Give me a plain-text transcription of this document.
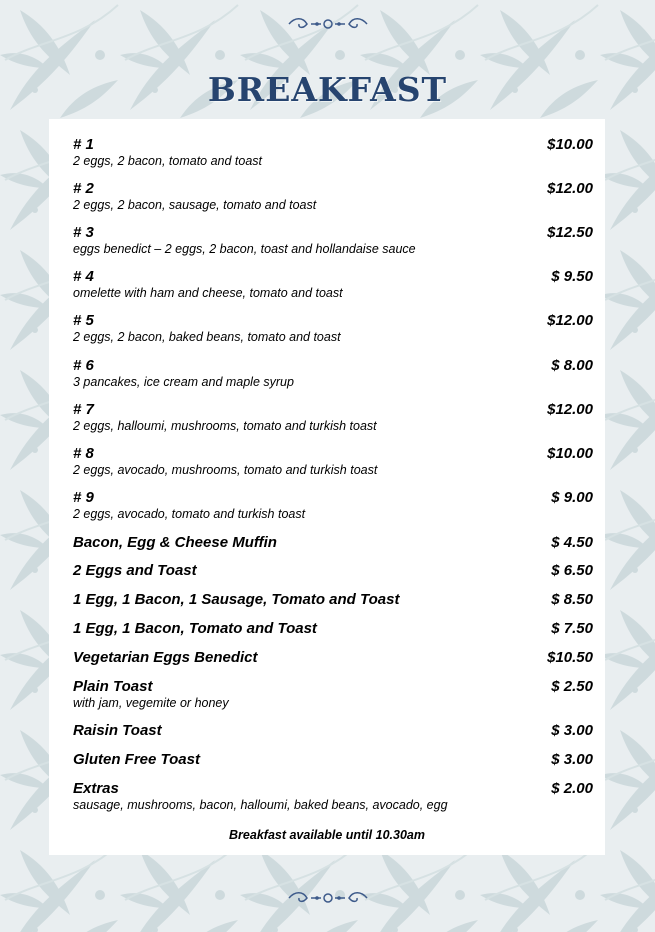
BREAKFAST
# 1	$10.00
2 eggs, 2 bacon, tomato and toast
# 2	$12.00
2 eggs, 2 bacon, sausage, tomato and toast
# 3	$12.50
eggs benedict – 2 eggs, 2 bacon, toast and hollandaise sauce
# 4	$ 9.50
omelette with ham and cheese, tomato and toast
# 5	$12.00
2 eggs, 2 bacon, baked beans, tomato and toast
# 6	$ 8.00
3 pancakes, ice cream and maple syrup
# 7	$12.00
2 eggs, halloumi, mushrooms, tomato and turkish toast
# 8	$10.00
2 eggs, avocado, mushrooms, tomato and turkish toast
# 9	$ 9.00
2 eggs, avocado, tomato and turkish toast
Bacon, Egg & Cheese Muffin	$ 4.50
2 Eggs and Toast	$ 6.50
1 Egg, 1 Bacon, 1 Sausage, Tomato and Toast	$ 8.50
1 Egg, 1 Bacon, Tomato and Toast	$ 7.50
Vegetarian Eggs Benedict	$10.50
Plain Toast	$ 2.50
with jam, vegemite or honey
Raisin Toast	$ 3.00
Gluten Free Toast	$ 3.00
Extras	$ 2.00
sausage, mushrooms, bacon, halloumi, baked beans, avocado, egg
Breakfast available until 10.30am
